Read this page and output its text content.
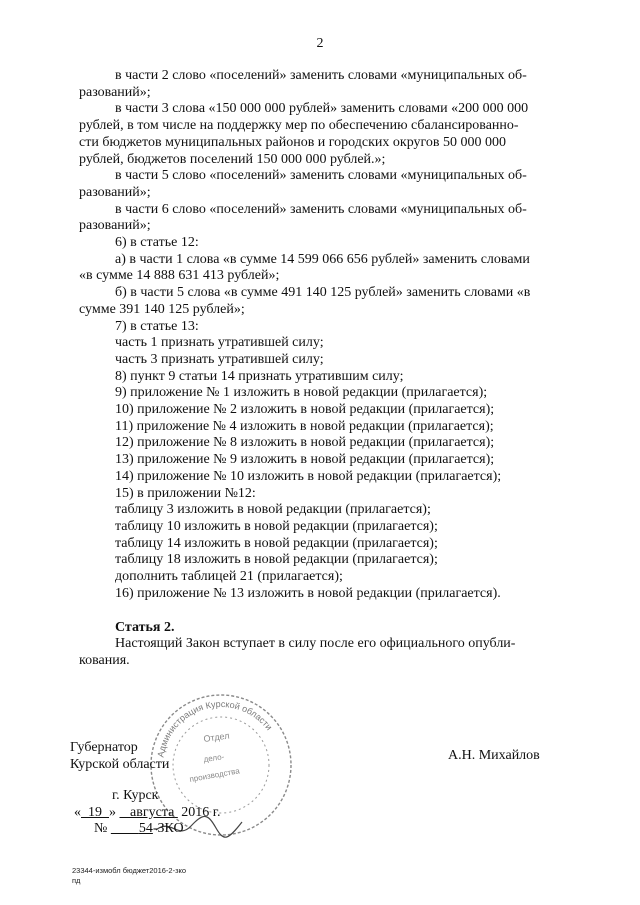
2
в части 2 слово «поселений» заменить словами «муниципальных об-
разований»;
в части 3 слова «150 000 000 рублей» заменить словами «200 000 000
рублей, в том числе на поддержку мер по обеспечению сбалансированно-
сти бюджетов муниципальных районов и городских округов 50 000 000
рублей, бюджетов поселений 150 000 000 рублей.»;
в части 5 слово «поселений» заменить словами «муниципальных об-
разований»;
в части 6 слово «поселений» заменить словами «муниципальных об-
разований»;
6) в статье 12:
а) в части 1 слова «в сумме 14 599 066 656 рублей» заменить словами
«в сумме 14 888 631 413 рублей»;
б) в части 5 слова «в сумме 491 140 125 рублей» заменить словами «в
сумме 391 140 125 рублей»;
7) в статье 13:
часть 1 признать утратившей силу;
часть 3 признать утратившей силу;
8) пункт 9 статьи 14 признать утратившим силу;
9) приложение № 1 изложить в новой редакции (прилагается);
10) приложение № 2 изложить в новой редакции (прилагается);
11) приложение № 4 изложить в новой редакции (прилагается);
12) приложение № 8 изложить в новой редакции (прилагается);
13) приложение № 9 изложить в новой редакции (прилагается);
14) приложение № 10 изложить в новой редакции (прилагается);
15) в приложении №12:
таблицу 3 изложить в новой редакции (прилагается);
таблицу 10 изложить в новой редакции (прилагается);
таблицу 14 изложить в новой редакции (прилагается);
таблицу 18 изложить в новой редакции (прилагается);
дополнить таблицей 21 (прилагается);
16) приложение № 13 изложить в новой редакции (прилагается).
Статья 2.
Настоящий Закон вступает в силу после его официального опубли-
кования.
Администрация Курской области
Отдел
дело-
производства
Губернатор
Курской области
А.Н. Михайлов
г. Курск
« 19 » августа 2016 г.
№ 54-ЗКО
23344-измобл бюджет2016-2-зко
пд
